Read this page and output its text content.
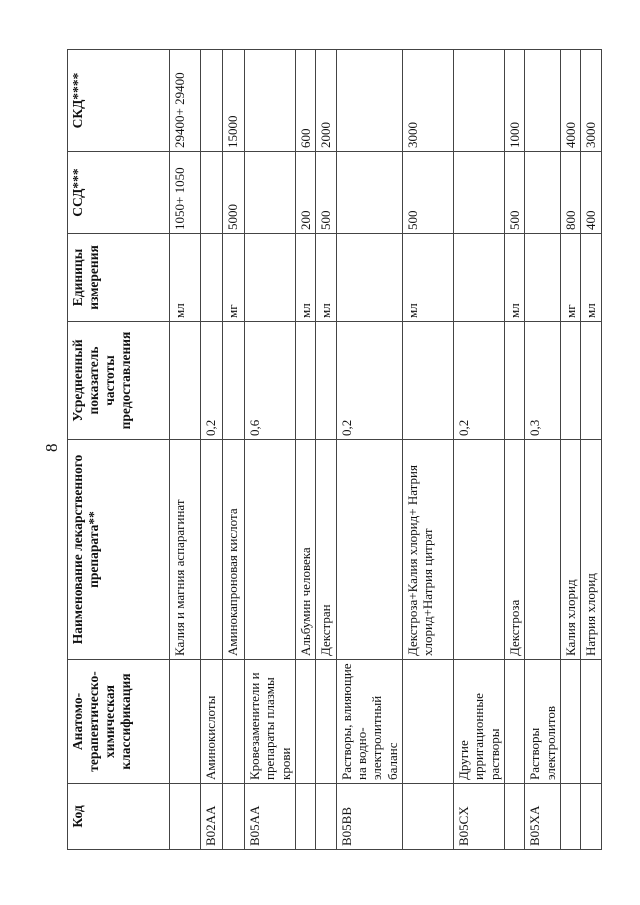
8
Код	Анатомо-терапевтическо-химическая классификация	Наименование лекарственного препарата**	Усредненный показатель частоты предоставления	Единицы измерения	ССД***	СКД****
		Калия и магния аспарагинат		мл	1050+ 1050	29400+ 29400
B02AA	Аминокислоты		0,2			
		Аминокапроновая кислота		мг	5000	15000
B05AA	Кровезаменители и препараты плазмы крови		0,6			
		Альбумин человека		мл	200	600
		Декстран		мл	500	2000
B05BB	Растворы, влияющие на водно-электролитный баланс		0,2			
		Декстроза+Калия хлорид+ Натрия хлорид+Натрия цитрат		мл	500	3000
B05CX	Другие ирригационные растворы		0,2			
		Декстроза		мл	500	1000
B05XA	Растворы электролитов		0,3			
		Калия хлорид		мг	800	4000
		Натрия хлорид		мл	400	3000
